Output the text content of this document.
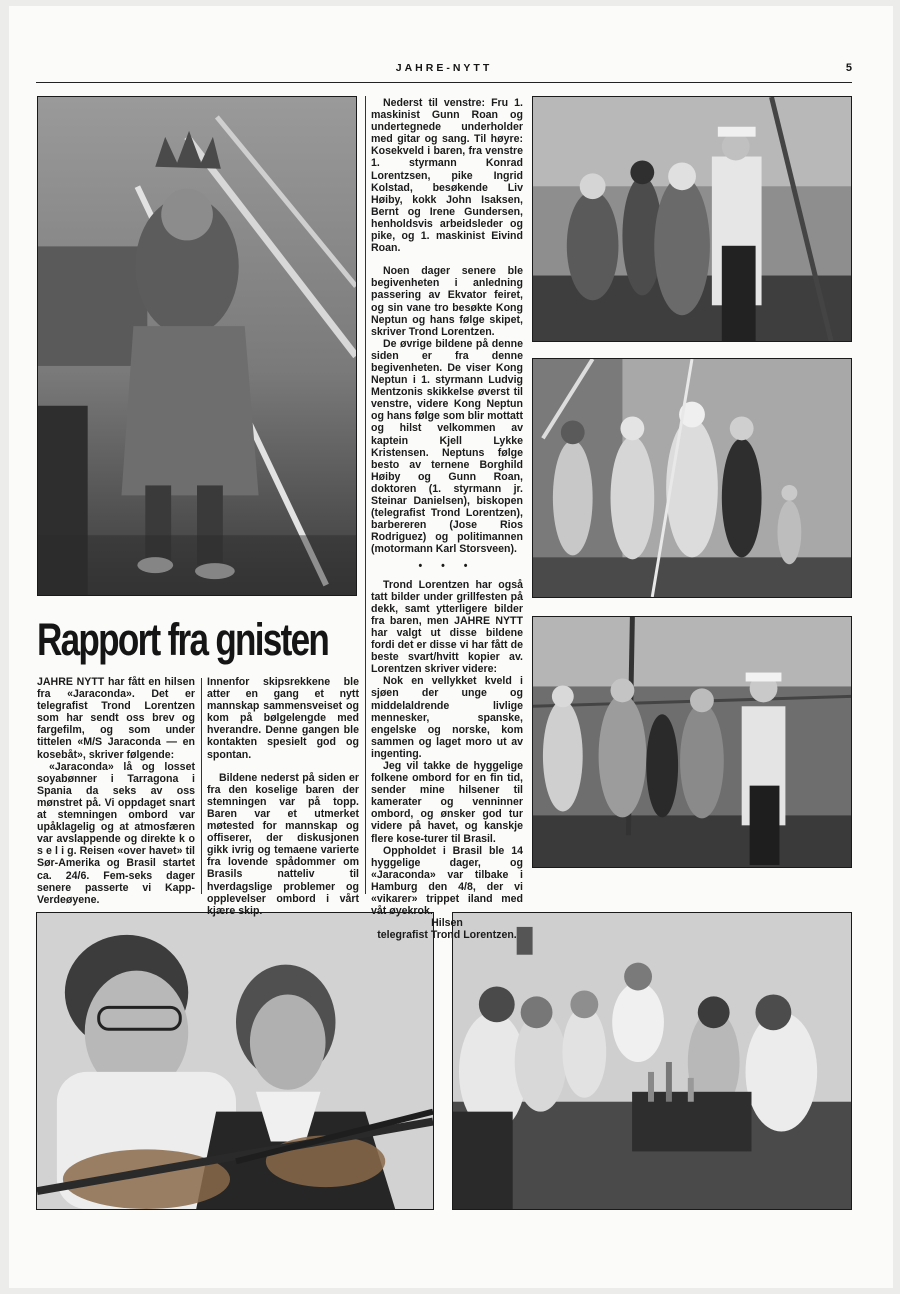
JAHRE-NYTT	5
Rapport fra gnisten

JAHRE NYTT har fått en hilsen fra «Jaraconda». Det er telegrafist Trond Lorentzen som har sendt oss brev og fargefilm, og som under tittelen «M/S Jaraconda — en kosebåt», skriver følgende:

«Jaraconda» lå og losset soyabønner i Tarragona i Spania da seks av oss mønstret på. Vi oppdaget snart at stemningen ombord var upåklagelig og at atmosfæren var avslappende og direkte k o s e l i g. Reisen «over havet» til Sør-Amerika og Brasil startet ca. 24/6. Fem-seks dager senere passerte vi Kapp-Verdeøyene.

Innenfor skipsrekkene ble atter en gang et nytt mannskap sammensveiset og kom på bølgelengde med hverandre. Denne gangen ble kontakten spesielt god og spontan.

Bildene nederst på siden er fra den koselige baren der stemningen var på topp. Baren var et utmerket møtested for mannskap og offiserer, der diskusjonen gikk ivrig og temaene varierte fra lovende spådommer om Brasils natteliv til hverdagslige problemer og opplevelser ombord i vårt kjære skip.

Nederst til venstre: Fru 1. maskinist Gunn Roan og undertegnede underholder med gitar og sang. Til høyre: Kosekveld i baren, fra venstre 1. styrmann Konrad Lorentzsen, pike Ingrid Kolstad, besøkende Liv Høiby, kokk John Isaksen, Bernt og Irene Gundersen, henholdsvis arbeidsleder og pike, og 1. maskinist Eivind Roan.

Noen dager senere ble begivenheten i anledning passering av Ekvator feiret, og sin vane tro besøkte Kong Neptun og hans følge skipet, skriver Trond Lorentzen.

De øvrige bildene på denne siden er fra denne begivenheten. De viser Kong Neptun i 1. styrmann Ludvig Mentzonis skikkelse øverst til venstre, videre Kong Neptun og hans følge som blir mottatt og hilst velkommen av kaptein Kjell Lykke Kristensen. Neptuns følge besto av ternene Borghild Høiby og Gunn Roan, doktoren (1. styrmann jr. Steinar Danielsen), biskopen (telegrafist Trond Lorentzen), barbereren (Jose Rios Rodriguez) og politimannen (motormann Karl Storsveen).

• • •

Trond Lorentzen har også tatt bilder under grillfesten på dekk, samt ytterligere bilder fra baren, men JAHRE NYTT har valgt ut disse bildene fordi det er disse vi har fått de beste svart/hvitt kopier av. Lorentzen skriver videre:

Nok en vellykket kveld i sjøen der unge og middelaldrende livlige mennesker, spanske, engelske og norske, kom sammen og laget moro ut av ingenting.

Jeg vil takke de hyggelige folkene ombord for en fin tid, sender mine hilsener til kamerater og venninner ombord, og ønsker god tur videre på havet, og kanskje flere kose-turer til Brasil.

Oppholdet i Brasil ble 14 hyggelige dager, og «Jaraconda» var tilbake i Hamburg den 4/8, der vi «vikarer» trippet iland med våt øyekrok.

Hilsen

telegrafist Trond Lorentzen.
